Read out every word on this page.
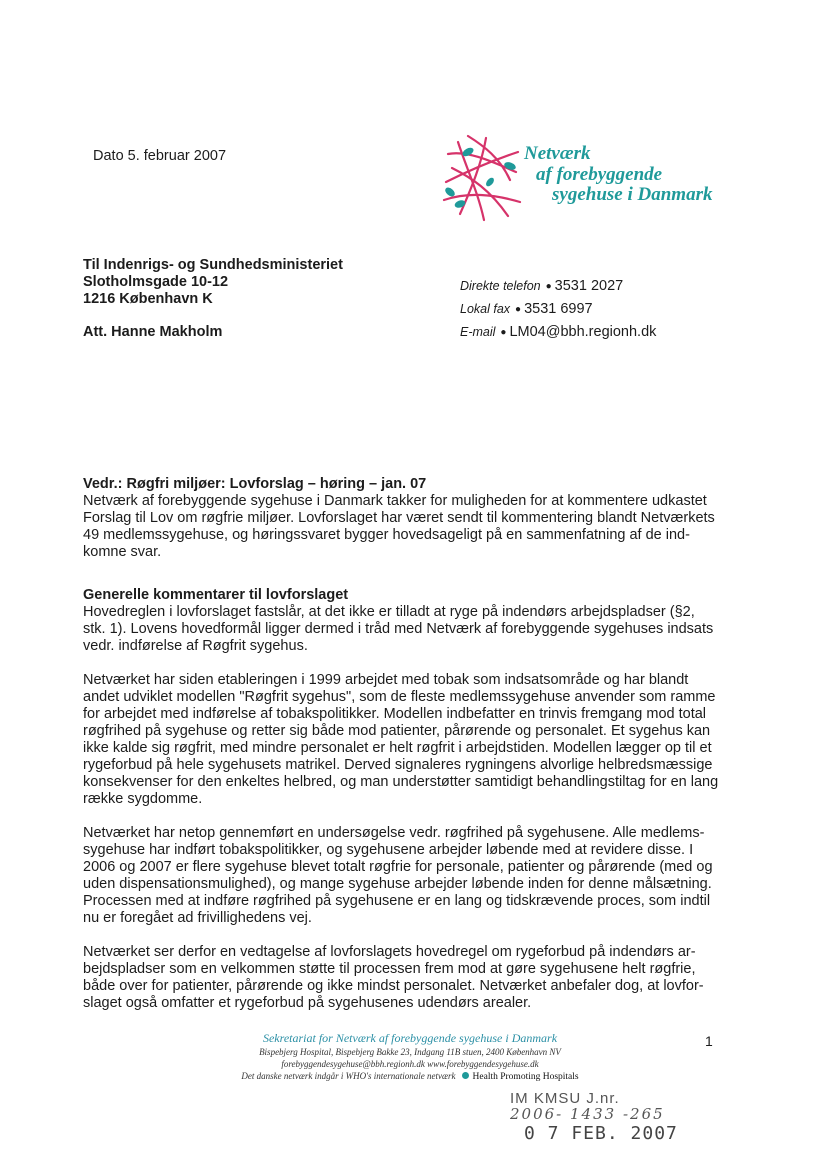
Dato 5. februar 2007	Netværk
af forebyggende
sygehuse i Danmark
Til Indenrigs- og Sundhedsministeriet
Slotholmsgade 10-12
1216 København K
Att. Hanne Makholm
Direkte telefon ● 3531 2027
Lokal fax ● 3531 6997
E-mail ● LM04@bbh.regionh.dk
Vedr.: Røgfri miljøer: Lovforslag – høring – jan. 07
Netværk af forebyggende sygehuse i Danmark takker for muligheden for at kommentere udkastet
Forslag til Lov om røgfrie miljøer. Lovforslaget har været sendt til kommentering blandt Netværkets
49 medlemssygehuse, og høringssvaret bygger hovedsageligt på en sammenfatning af de ind-
komne svar.
Generelle kommentarer til lovforslaget
Hovedreglen i lovforslaget fastslår, at det ikke er tilladt at ryge på indendørs arbejdspladser (§2,
stk. 1). Lovens hovedformål ligger dermed i tråd med Netværk af forebyggende sygehuses indsats
vedr. indførelse af Røgfrit sygehus.
Netværket har siden etableringen i 1999 arbejdet med tobak som indsatsområde og har blandt
andet udviklet modellen "Røgfrit sygehus", som de fleste medlemssygehuse anvender som ramme
for arbejdet med indførelse af tobakspolitikker. Modellen indbefatter en trinvis fremgang mod total
røgfrihed på sygehuse og retter sig både mod patienter, pårørende og personalet. Et sygehus kan
ikke kalde sig røgfrit, med mindre personalet er helt røgfrit i arbejdstiden. Modellen lægger op til et
rygeforbud på hele sygehusets matrikel. Derved signaleres rygningens alvorlige helbredsmæssige
konsekvenser for den enkeltes helbred, og man understøtter samtidigt behandlingstiltag for en lang
række sygdomme.
Netværket har netop gennemført en undersøgelse vedr. røgfrihed på sygehusene. Alle medlems-
sygehuse har indført tobakspolitikker, og sygehusene arbejder løbende med at revidere disse. I
2006 og 2007 er flere sygehuse blevet totalt røgfrie for personale, patienter og pårørende (med og
uden dispensationsmulighed), og mange sygehuse arbejder løbende inden for denne målsætning.
Processen med at indføre røgfrihed på sygehusene er en lang og tidskrævende proces, som indtil
nu er foregået ad frivillighedens vej.
Netværket ser derfor en vedtagelse af lovforslagets hovedregel om rygeforbud på indendørs ar-
bejdspladser som en velkommen støtte til processen frem mod at gøre sygehusene helt røgfrie,
både over for patienter, pårørende og ikke mindst personalet. Netværket anbefaler dog, at lovfor-
slaget også omfatter et rygeforbud på sygehusenes udendørs arealer.
Sekretariat for Netværk af forebyggende sygehuse i Danmark
Bispebjerg Hospital, Bispebjerg Bakke 23, Indgang 11B stuen, 2400 København NV
forebyggendesygehuse@bbh.regionh.dk www.forebyggendesygehuse.dk
Det danske netværk indgår i WHO's internationale netværk Health Promoting Hospitals
1
IM KMSU J.nr.
2006- 1433 -265
0 7 FEB. 2007
